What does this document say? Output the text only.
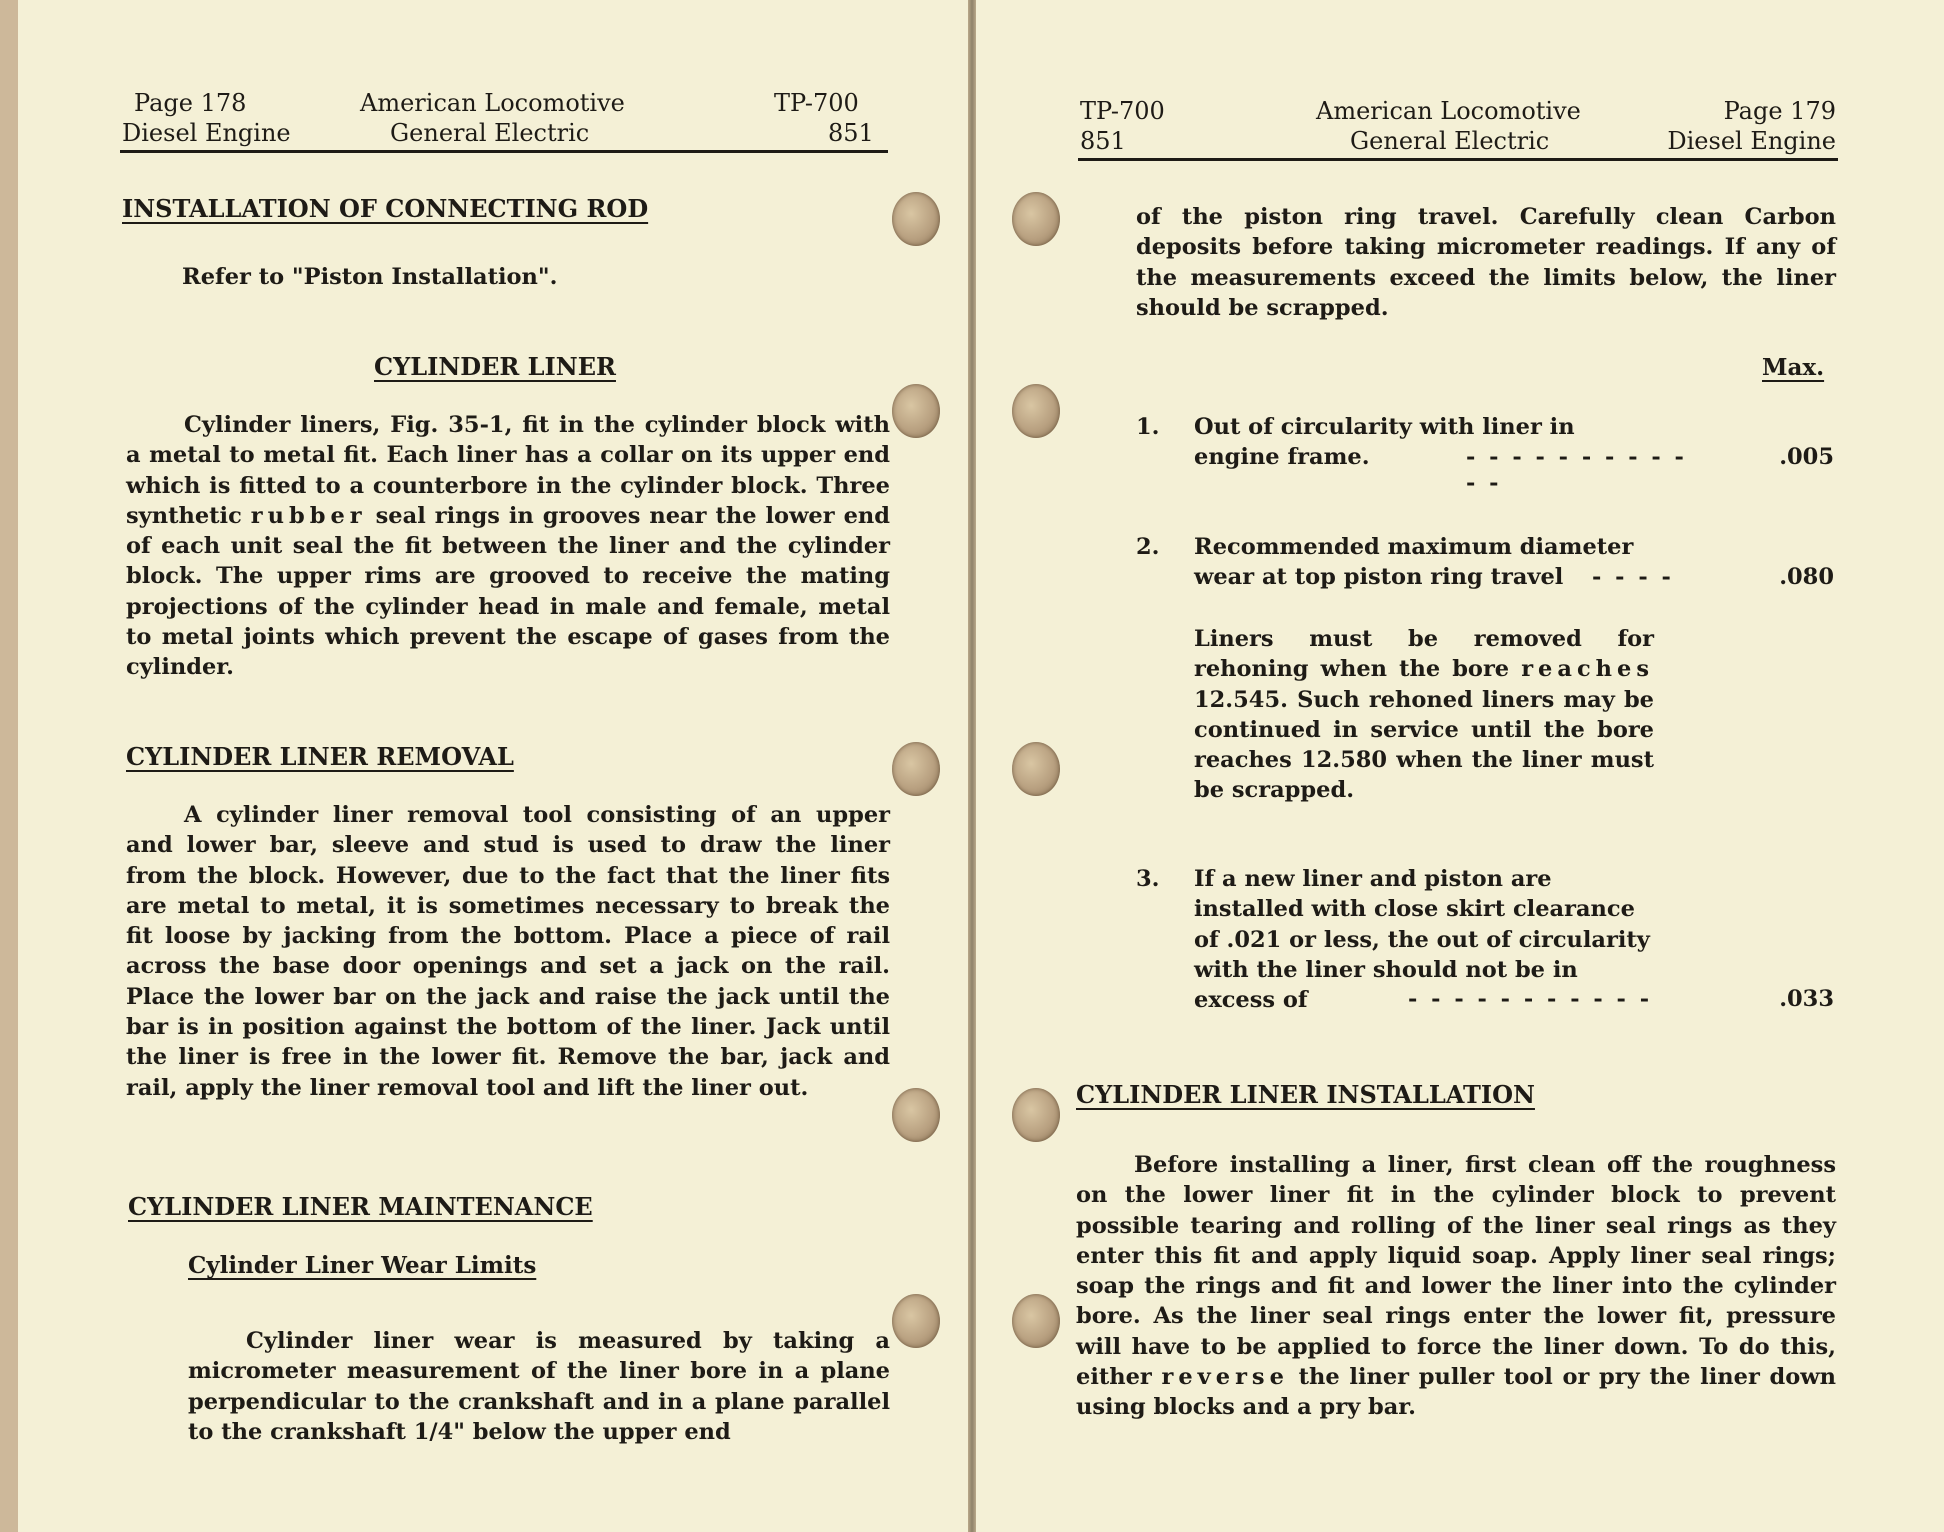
Page 178
Diesel Engine
American Locomotive
General Electric
TP-700
851
INSTALLATION OF CONNECTING ROD
Refer to "Piston Installation".
CYLINDER LINER

Cylinder liners, Fig. 35-1, fit in the cylinder block with a metal to metal fit. Each liner has a collar on its upper end which is fitted to a counterbore in the cylinder block. Three synthetic rubber seal rings in grooves near the lower end of each unit seal the fit between the liner and the cylinder block. The upper rims are grooved to receive the mating projections of the cylinder head in male and female, metal to metal joints which prevent the escape of gases from the cylinder.

CYLINDER LINER REMOVAL

A cylinder liner removal tool consisting of an upper and lower bar, sleeve and stud is used to draw the liner from the block. However, due to the fact that the liner fits are metal to metal, it is sometimes necessary to break the fit loose by jacking from the bottom. Place a piece of rail across the base door openings and set a jack on the rail. Place the lower bar on the jack and raise the jack until the bar is in position against the bottom of the liner. Jack until the liner is free in the lower fit. Remove the bar, jack and rail, apply the liner removal tool and lift the liner out.

CYLINDER LINER MAINTENANCE
Cylinder Liner Wear Limits

Cylinder liner wear is measured by taking a micrometer measurement of the liner bore in a plane perpendicular to the crankshaft and in a plane parallel to the crankshaft 1/4" below the upper end

TP-700
851
American Locomotive
General Electric
Page 179
Diesel Engine

of the piston ring travel. Carefully clean Carbon deposits before taking micrometer readings. If any of the measurements exceed the limits below, the liner should be scrapped.

Max.
1. Out of circularity with liner in engine frame.	- - - - - - - - - - - -
.005
2. Recommended maximum diameter wear at top piston ring travel	- - - -	.080

Liners must be removed for rehoning when the bore reaches 12.545. Such rehoned liners may be continued in service until the bore reaches 12.580 when the liner must be scrapped.

3. If a new liner and piston are installed with close skirt clearance of .021 or less, the out of circularity with the liner should not be in excess of	- - - - - - - - - - -	.033
CYLINDER LINER INSTALLATION

Before installing a liner, first clean off the roughness on the lower liner fit in the cylinder block to prevent possible tearing and rolling of the liner seal rings as they enter this fit and apply liquid soap. Apply liner seal rings; soap the rings and fit and lower the liner into the cylinder bore. As the liner seal rings enter the lower fit, pressure will have to be applied to force the liner down. To do this, either reverse the liner puller tool or pry the liner down using blocks and a pry bar.
